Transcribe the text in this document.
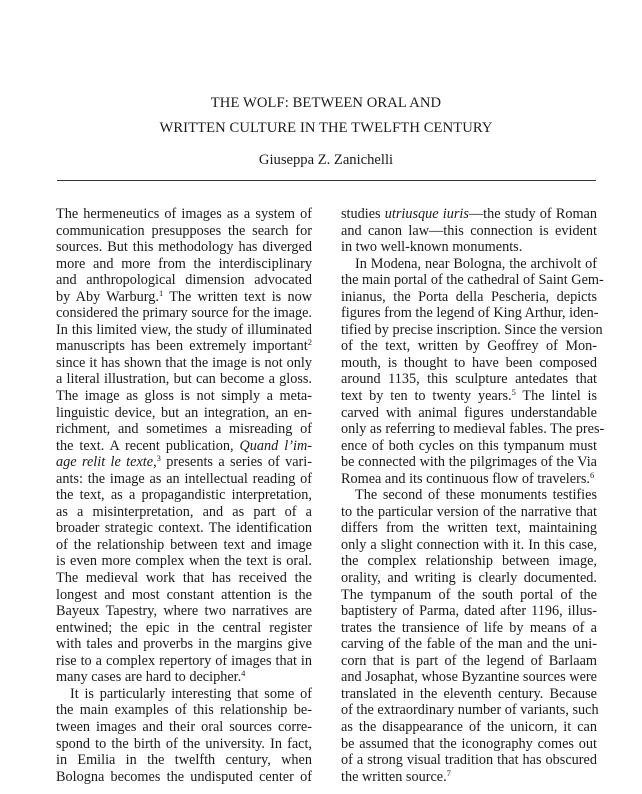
THE WOLF: BETWEEN ORAL AND
WRITTEN CULTURE IN THE TWELFTH CENTURY
Giuseppa Z. Zanichelli
The hermeneutics of images as a system of
communication presupposes the search for
sources. But this methodology has diverged
more and more from the interdisciplinary
and anthropological dimension advocated
by Aby Warburg.$^1$ The written text is now
considered the primary source for the image.
In this limited view, the study of illuminated
manuscripts has been extremely important$^2$
since it has shown that the image is not only
a literal illustration, but can become a gloss.
The image as gloss is not simply a meta-
linguistic device, but an integration, an en-
richment, and sometimes a misreading of
the text. A recent publication, Quand l’im-
age relit le texte,$^3$ presents a series of vari-
ants: the image as an intellectual reading of
the text, as a propagandistic interpretation,
as a misinterpretation, and as part of a
broader strategic context. The identification
of the relationship between text and image
is even more complex when the text is oral.
The medieval work that has received the
longest and most constant attention is the
Bayeux Tapestry, where two narratives are
entwined; the epic in the central register
with tales and proverbs in the margins give
rise to a complex repertory of images that in
many cases are hard to decipher.$^4$
It is particularly interesting that some of
the main examples of this relationship be-
tween images and their oral sources corre-
spond to the birth of the university. In fact,
in Emilia in the twelfth century, when
Bologna becomes the undisputed center of
studies utriusque iuris—the study of Roman
and canon law—this connection is evident
in two well-known monuments.
In Modena, near Bologna, the archivolt of
the main portal of the cathedral of Saint Gem-
inianus, the Porta della Pescheria, depicts
figures from the legend of King Arthur, iden-
tified by precise inscription. Since the version
of the text, written by Geoffrey of Mon-
mouth, is thought to have been composed
around 1135, this sculpture antedates that
text by ten to twenty years.$^5$ The lintel is
carved with animal figures understandable
only as referring to medieval fables. The pres-
ence of both cycles on this tympanum must
be connected with the pilgrimages of the Via
Romea and its continuous flow of travelers.$^6$
The second of these monuments testifies
to the particular version of the narrative that
differs from the written text, maintaining
only a slight connection with it. In this case,
the complex relationship between image,
orality, and writing is clearly documented.
The tympanum of the south portal of the
baptistery of Parma, dated after 1196, illus-
trates the transience of life by means of a
carving of the fable of the man and the uni-
corn that is part of the legend of Barlaam
and Josaphat, whose Byzantine sources were
translated in the eleventh century. Because
of the extraordinary number of variants, such
as the disappearance of the unicorn, it can
be assumed that the iconography comes out
of a strong visual tradition that has obscured
the written source.$^7$
